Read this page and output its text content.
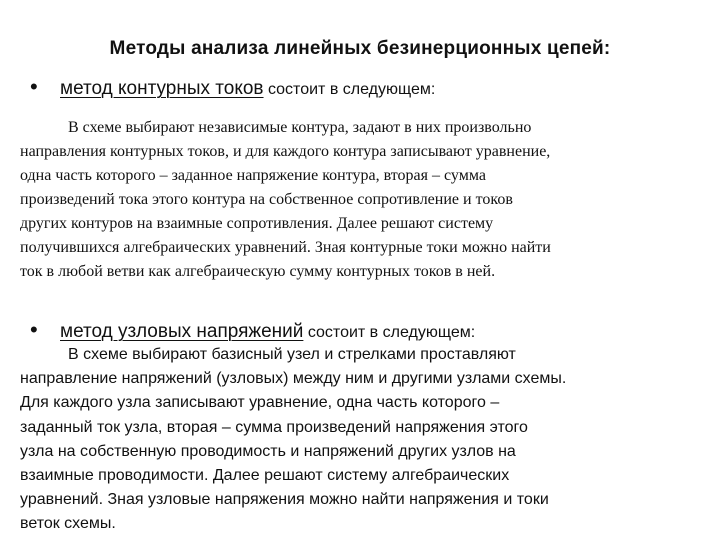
Методы анализа линейных безинерционных цепей:
• метод контурных токов состоит в следующем:

В схеме выбирают независимые контура, задают в них произвольно
направления контурных токов, и для каждого контура записывают уравнение,
одна часть которого – заданное напряжение контура, вторая – сумма
произведений тока этого контура на собственное сопротивление и токов
других контуров на взаимные сопротивления. Далее решают систему
получившихся алгебраических уравнений. Зная контурные токи можно найти
ток в любой ветви как алгебраическую сумму контурных токов в ней.

• метод узловых напряжений состоит в следующем:

В схеме выбирают базисный узел и стрелками проставляют
направление напряжений (узловых) между ним и другими узлами схемы.
Для каждого узла записывают уравнение, одна часть которого –
заданный ток узла, вторая – сумма произведений напряжения этого
узла на собственную проводимость и напряжений других узлов на
взаимные проводимости. Далее решают систему алгебраических
уравнений. Зная узловые напряжения можно найти напряжения и токи
веток схемы.
